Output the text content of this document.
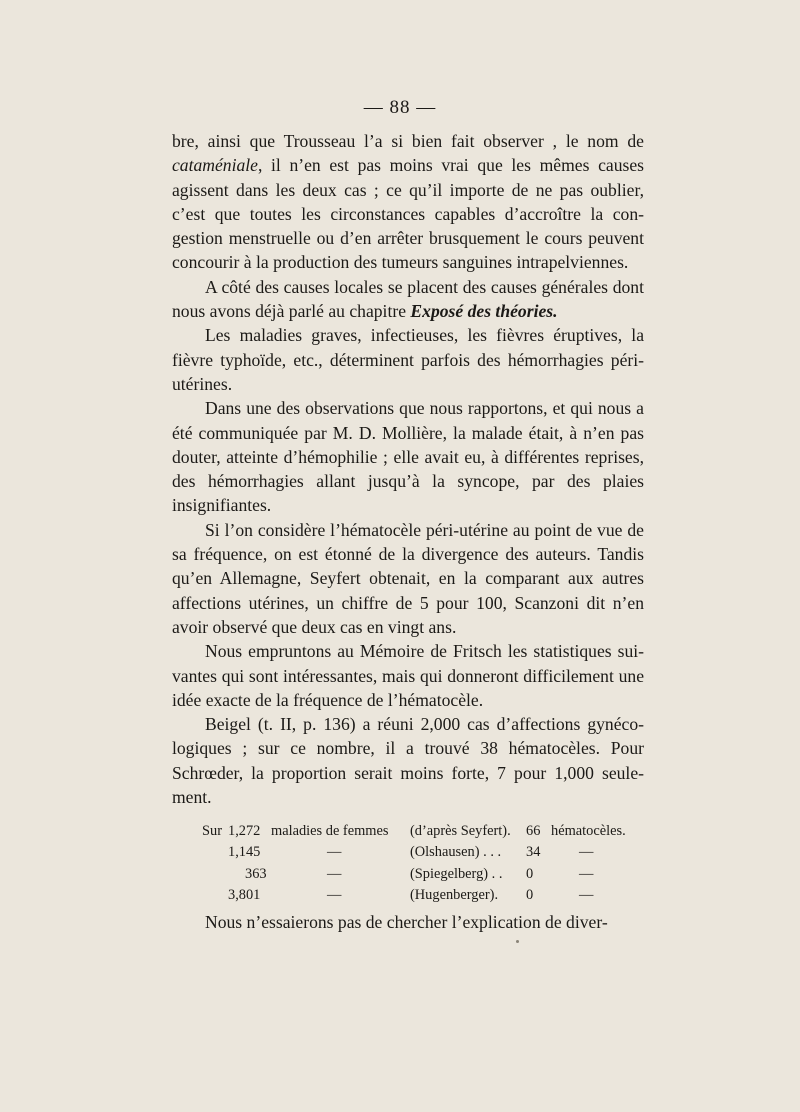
— 88 —

bre, ainsi que Trousseau l’a si bien fait observer , le nom de cataméniale, il n’en est pas moins vrai que les mêmes causes agissent dans les deux cas ; ce qu’il importe de ne pas oublier, c’est que toutes les circonstances capables d’accroître la congestion menstruelle ou d’en arrêter brusquement le cours peuvent concourir à la production des tumeurs sanguines intrapelviennes.

A côté des causes locales se placent des causes générales dont nous avons déjà parlé au chapitre Exposé des théories.

Les maladies graves, infectieuses, les fièvres éruptives, la fièvre typhoïde, etc., déterminent parfois des hémorrhagies péri-utérines.

Dans une des observations que nous rapportons, et qui nous a été communiquée par M. D. Mollière, la malade était, à n’en pas douter, atteinte d’hémophilie ; elle avait eu, à différentes reprises, des hémorrhagies allant jusqu’à la syncope, par des plaies insignifiantes.

Si l’on considère l’hématocèle péri-utérine au point de vue de sa fréquence, on est étonné de la divergence des auteurs. Tandis qu’en Allemagne, Seyfert obtenait, en la comparant aux autres affections utérines, un chiffre de 5 pour 100, Scanzoni dit n’en avoir observé que deux cas en vingt ans.

Nous empruntons au Mémoire de Fritsch les statistiques suivantes qui sont intéressantes, mais qui donneront difficilement une idée exacte de la fréquence de l’hématocèle.

Beigel (t. II, p. 136) a réuni 2,000 cas d’affections gynécologiques ; sur ce nombre, il a trouvé 38 hématocèles. Pour Schrœder, la proportion serait moins forte, 7 pour 1,000 seulement.

Sur 1,272 maladies de femmes (d’après Seyfert). 66 hématocèles.
1,145	—	(Olshausen) . . . 34	—
363	—	(Spiegelberg) . . 0	—
3,801	—	(Hugenberger). 0	—

Nous n’essaierons pas de chercher l’explication de diver-
